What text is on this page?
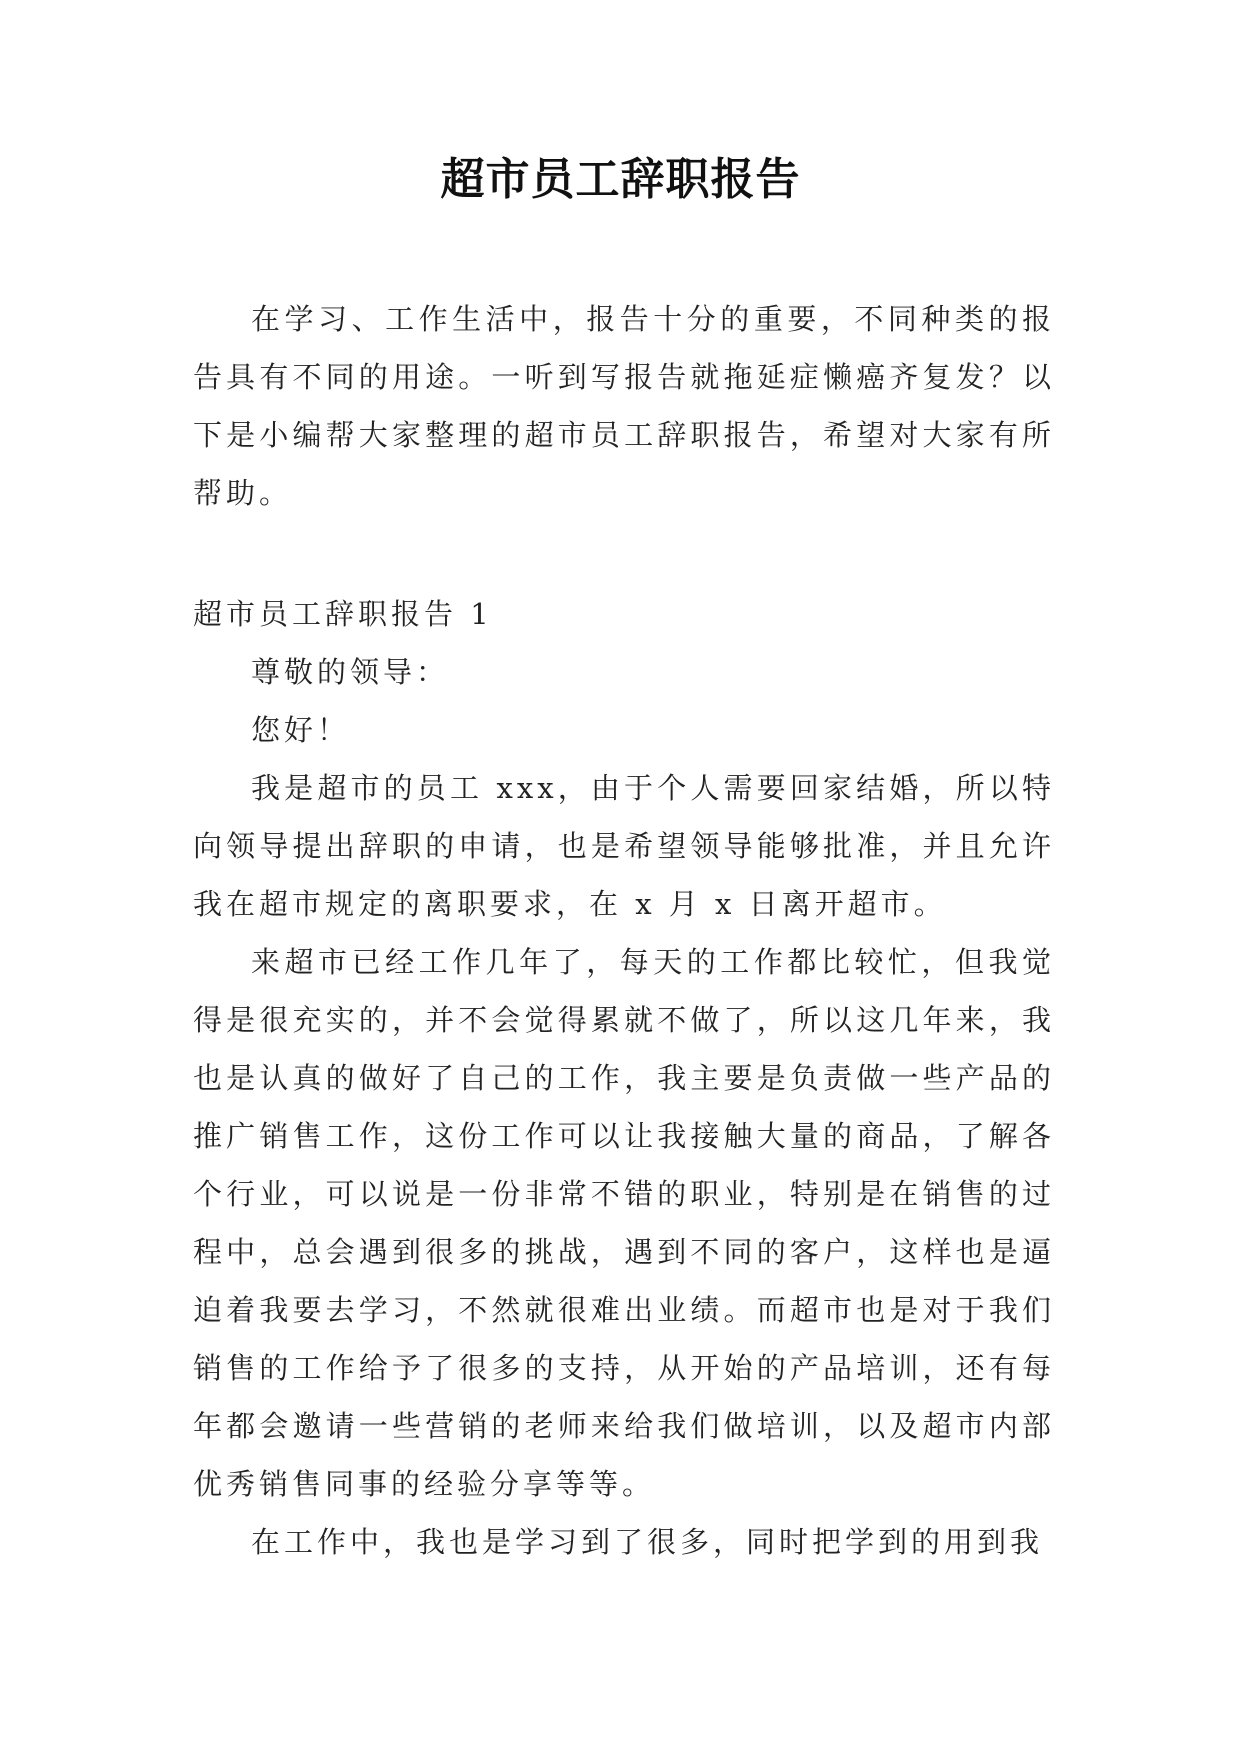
超市员工辞职报告

在学习、工作生活中，报告十分的重要，不同种类的报告具有不同的用途。一听到写报告就拖延症懒癌齐复发？以下是小编帮大家整理的超市员工辞职报告，希望对大家有所帮助。

超市员工辞职报告 1

尊敬的领导：

您好！

我是超市的员工 xxx，由于个人需要回家结婚，所以特向领导提出辞职的申请，也是希望领导能够批准，并且允许我在超市规定的离职要求，在 x 月 x 日离开超市。

来超市已经工作几年了，每天的工作都比较忙，但我觉得是很充实的，并不会觉得累就不做了，所以这几年来，我也是认真的做好了自己的工作，我主要是负责做一些产品的推广销售工作，这份工作可以让我接触大量的商品，了解各个行业，可以说是一份非常不错的职业，特别是在销售的过程中，总会遇到很多的挑战，遇到不同的客户，这样也是逼迫着我要去学习，不然就很难出业绩。而超市也是对于我们销售的工作给予了很多的支持，从开始的产品培训，还有每年都会邀请一些营销的老师来给我们做培训，以及超市内部优秀销售同事的经验分享等等。

在工作中，我也是学习到了很多，同时把学到的用到我
